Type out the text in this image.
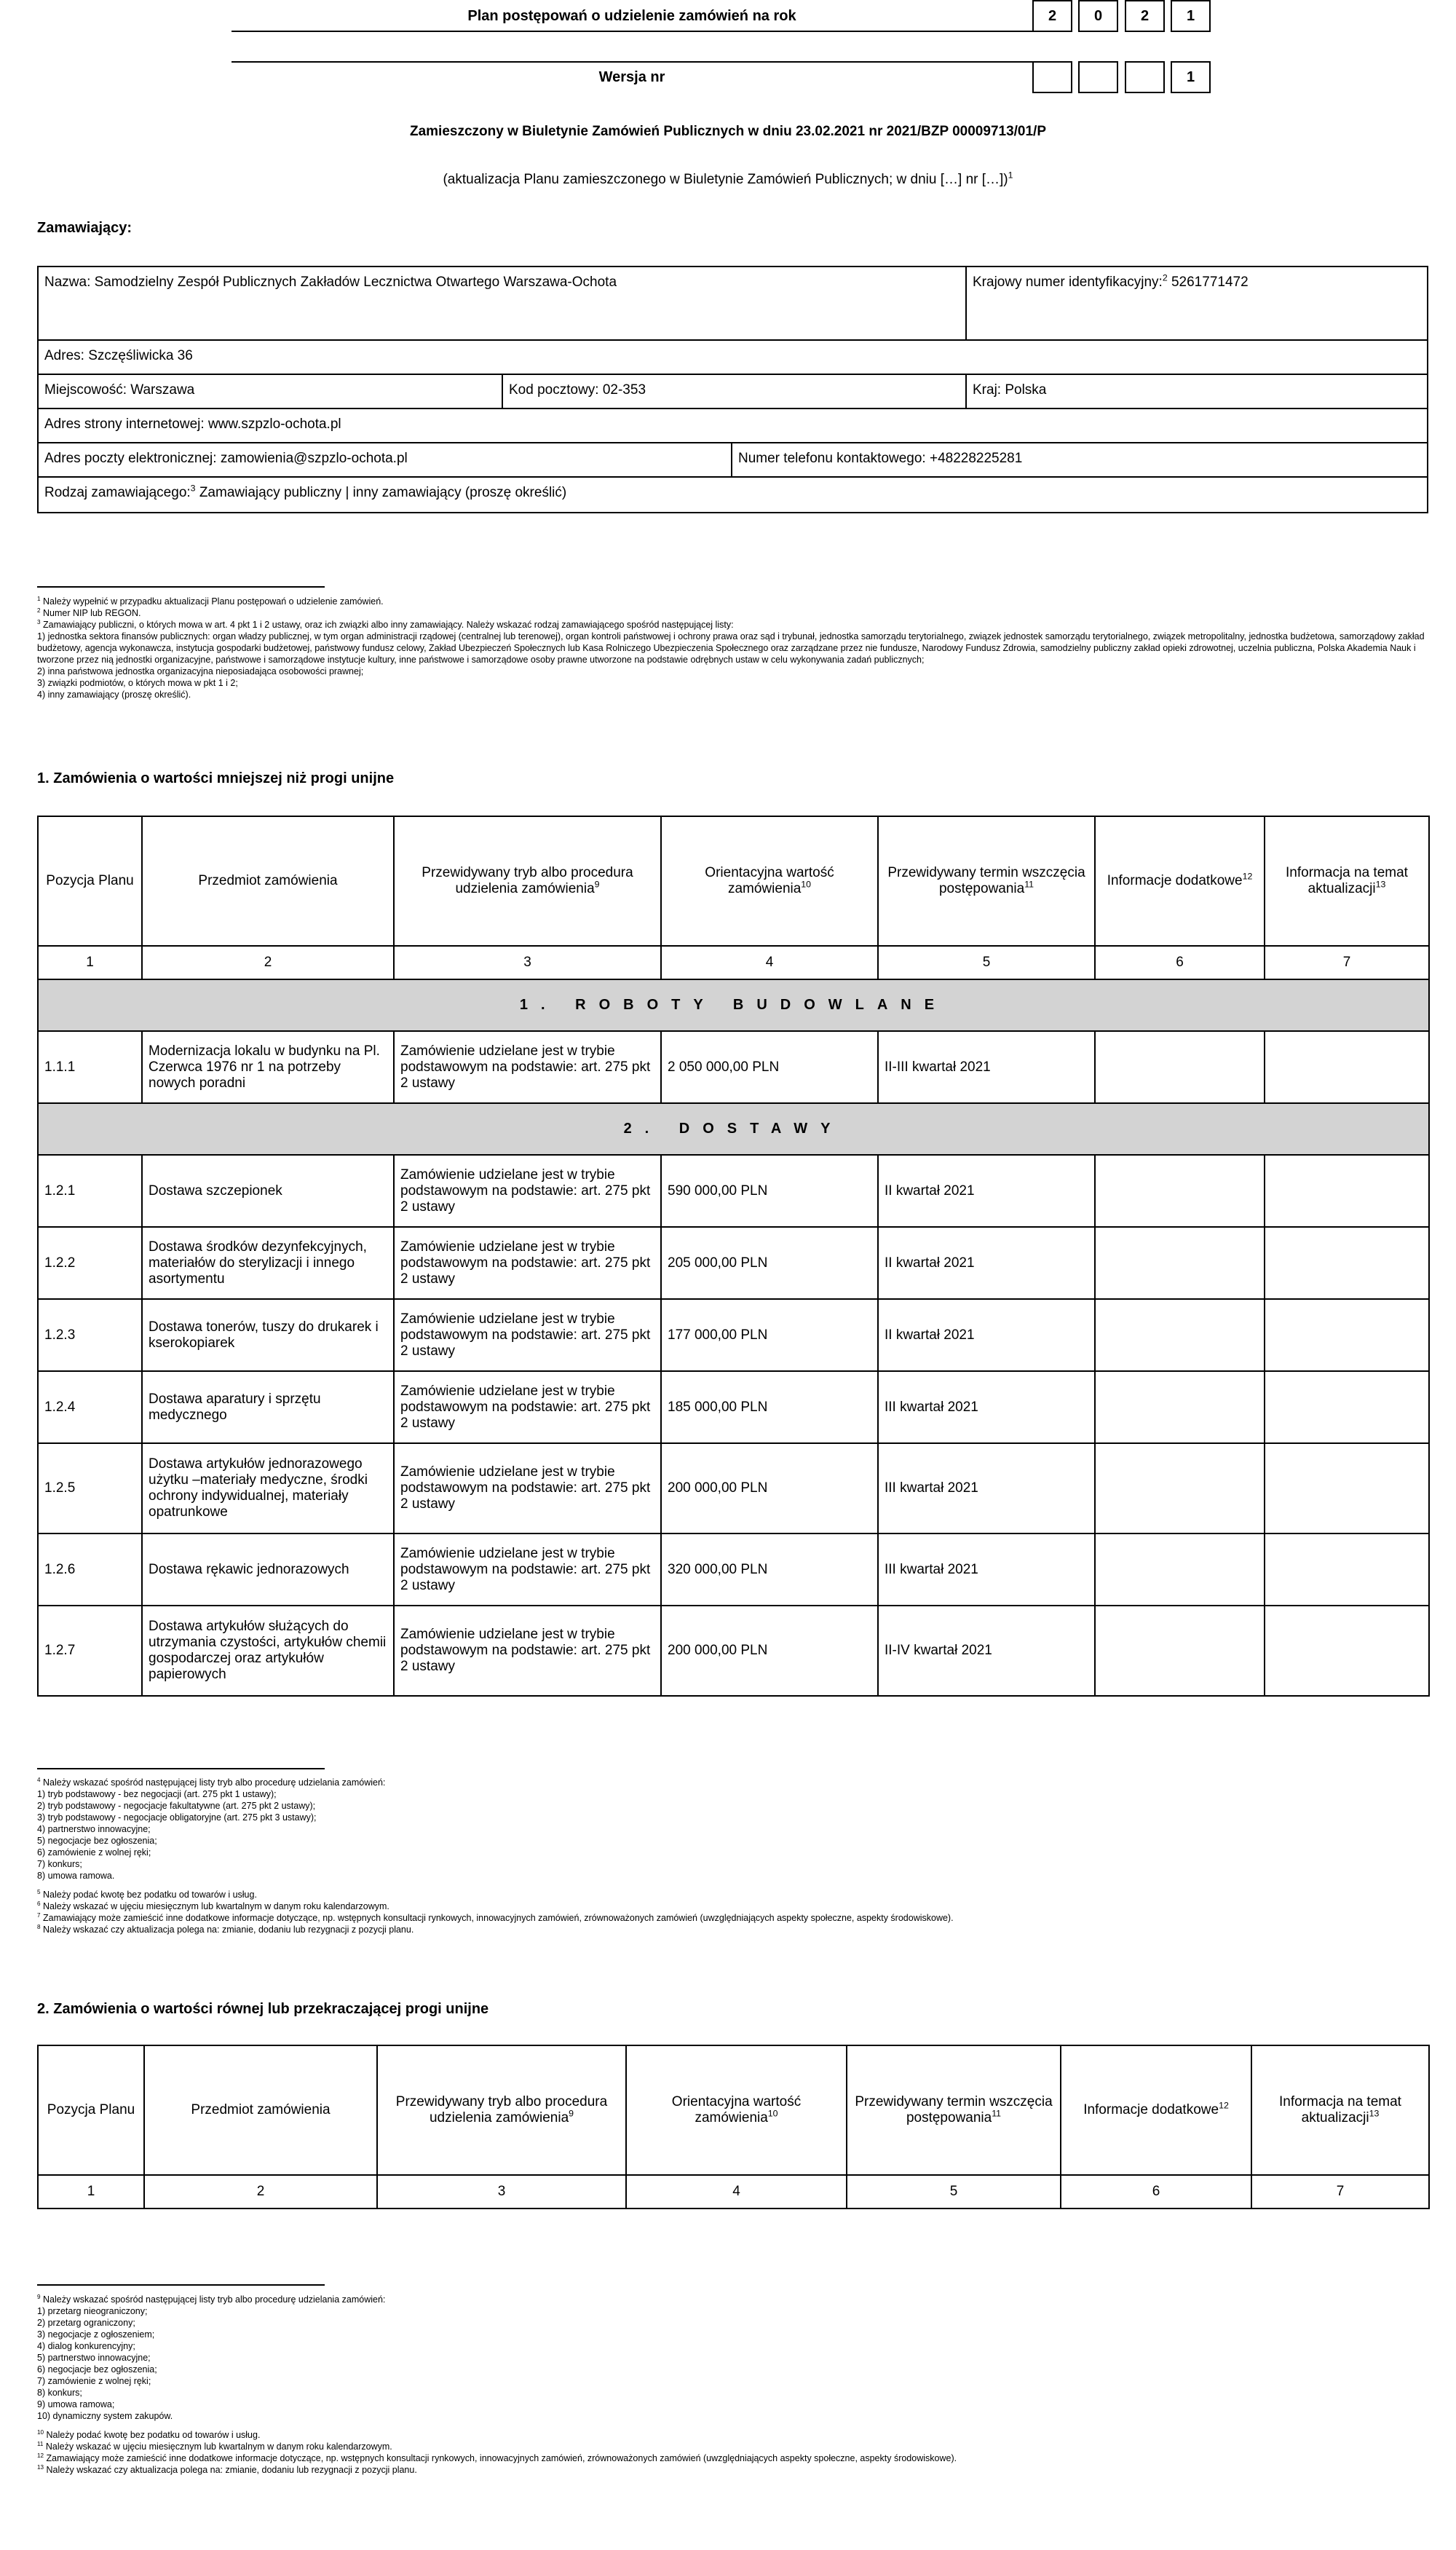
Plan postępowań o udzielenie zamówień na rok	2	0	2	1
Wersja nr	1
Zamieszczony w Biuletynie Zamówień Publicznych w dniu 23.02.2021 nr 2021/BZP 00009713/01/P
(aktualizacja Planu zamieszczonego w Biuletynie Zamówień Publicznych; w dniu […] nr […])$^1$
Zamawiający:
Nazwa: Samodzielny Zespół Publicznych Zakładów Lecznictwa Otwartego Warszawa-Ochota	Krajowy numer identyfikacyjny:$^2$ 5261771472
Adres: Szczęśliwicka 36
Miejscowość: Warszawa	Kod pocztowy: 02-353	Kraj: Polska
Adres strony internetowej: www.szpzlo-ochota.pl
Adres poczty elektronicznej: zamowienia@szpzlo-ochota.pl	Numer telefonu kontaktowego: +48228225281
Rodzaj zamawiającego:$^3$ Zamawiający publiczny | inny zamawiający (proszę określić)
$^1$ Należy wypełnić w przypadku aktualizacji Planu postępowań o udzielenie zamówień.
$^2$ Numer NIP lub REGON.
$^3$ Zamawiający publiczni, o których mowa w art. 4 pkt 1 i 2 ustawy, oraz ich związki albo inny zamawiający. Należy wskazać rodzaj zamawiającego spośród następującej listy:
1) jednostka sektora finansów publicznych: organ władzy publicznej, w tym organ administracji rządowej (centralnej lub terenowej), organ kontroli państwowej i ochrony prawa oraz sąd i trybunał, jednostka samorządu terytorialnego, związek jednostek samorządu terytorialnego, związek metropolitalny, jednostka budżetowa, samorządowy zakład budżetowy, agencja wykonawcza, instytucja gospodarki budżetowej, państwowy fundusz celowy, Zakład Ubezpieczeń Społecznych lub Kasa Rolniczego Ubezpieczenia Społecznego oraz zarządzane przez nie fundusze, Narodowy Fundusz Zdrowia, samodzielny publiczny zakład opieki zdrowotnej, uczelnia publiczna, Polska Akademia Nauk i tworzone przez nią jednostki organizacyjne, państwowe i samorządowe instytucje kultury, inne państwowe i samorządowe osoby prawne utworzone na podstawie odrębnych ustaw w celu wykonywania zadań publicznych;
2) inna państwowa jednostka organizacyjna nieposiadająca osobowości prawnej;
3) związki podmiotów, o których mowa w pkt 1 i 2;
4) inny zamawiający (proszę określić).
1. Zamówienia o wartości mniejszej niż progi unijne
Pozycja Planu	Przedmiot zamówienia	Przewidywany tryb albo procedura udzielenia zamówienia$^9$	Orientacyjna wartość zamówienia$^{10}$	Przewidywany termin wszczęcia postępowania$^{11}$	Informacje dodatkowe$^{12}$	Informacja na temat aktualizacji$^{13}$
1	2	3	4	5	6	7
1. ROBOTY BUDOWLANE						
1.1.1	Modernizacja lokalu w budynku na Pl. Czerwca 1976 nr 1 na potrzeby nowych poradni	Zamówienie udzielane jest w trybie podstawowym na podstawie: art. 275 pkt 2 ustawy	2 050 000,00 PLN	II-III kwartał 2021		
2. DOSTAWY						
1.2.1	Dostawa szczepionek	Zamówienie udzielane jest w trybie podstawowym na podstawie: art. 275 pkt 2 ustawy	590 000,00 PLN	II kwartał 2021		
1.2.2	Dostawa środków dezynfekcyjnych, materiałów do sterylizacji i innego asortymentu	Zamówienie udzielane jest w trybie podstawowym na podstawie: art. 275 pkt 2 ustawy	205 000,00 PLN	II kwartał 2021		
1.2.3	Dostawa tonerów, tuszy do drukarek i kserokopiarek	Zamówienie udzielane jest w trybie podstawowym na podstawie: art. 275 pkt 2 ustawy	177 000,00 PLN	II kwartał 2021		
1.2.4	Dostawa aparatury i sprzętu medycznego	Zamówienie udzielane jest w trybie podstawowym na podstawie: art. 275 pkt 2 ustawy	185 000,00 PLN	III kwartał 2021		
1.2.5	Dostawa artykułów jednorazowego użytku –materiały medyczne, środki ochrony indywidualnej, materiały opatrunkowe	Zamówienie udzielane jest w trybie podstawowym na podstawie: art. 275 pkt 2 ustawy	200 000,00 PLN	III kwartał 2021		
1.2.6	Dostawa rękawic jednorazowych	Zamówienie udzielane jest w trybie podstawowym na podstawie: art. 275 pkt 2 ustawy	320 000,00 PLN	III kwartał 2021		
1.2.7	Dostawa artykułów służących do utrzymania czystości, artykułów chemii gospodarczej oraz artykułów papierowych	Zamówienie udzielane jest w trybie podstawowym na podstawie: art. 275 pkt 2 ustawy	200 000,00 PLN	II-IV kwartał 2021		
$^4$ Należy wskazać spośród następującej listy tryb albo procedurę udzielania zamówień:
1) tryb podstawowy - bez negocjacji (art. 275 pkt 1 ustawy);
2) tryb podstawowy - negocjacje fakultatywne (art. 275 pkt 2 ustawy);
3) tryb podstawowy - negocjacje obligatoryjne (art. 275 pkt 3 ustawy);
4) partnerstwo innowacyjne;
5) negocjacje bez ogłoszenia;
6) zamówienie z wolnej ręki;
7) konkurs;
8) umowa ramowa.
$^5$ Należy podać kwotę bez podatku od towarów i usług.
$^6$ Należy wskazać w ujęciu miesięcznym lub kwartalnym w danym roku kalendarzowym.
$^7$ Zamawiający może zamieścić inne dodatkowe informacje dotyczące, np. wstępnych konsultacji rynkowych, innowacyjnych zamówień, zrównoważonych zamówień (uwzględniających aspekty społeczne, aspekty środowiskowe).
$^8$ Należy wskazać czy aktualizacja polega na: zmianie, dodaniu lub rezygnacji z pozycji planu.
2. Zamówienia o wartości równej lub przekraczającej progi unijne
Pozycja Planu	Przedmiot zamówienia	Przewidywany tryb albo procedura udzielenia zamówienia$^9$	Orientacyjna wartość zamówienia$^{10}$	Przewidywany termin wszczęcia postępowania$^{11}$	Informacje dodatkowe$^{12}$	Informacja na temat aktualizacji$^{13}$
1	2	3	4	5	6	7
$^9$ Należy wskazać spośród następującej listy tryb albo procedurę udzielania zamówień:
1) przetarg nieograniczony;
2) przetarg ograniczony;
3) negocjacje z ogłoszeniem;
4) dialog konkurencyjny;
5) partnerstwo innowacyjne;
6) negocjacje bez ogłoszenia;
7) zamówienie z wolnej ręki;
8) konkurs;
9) umowa ramowa;
10) dynamiczny system zakupów.
$^{10}$ Należy podać kwotę bez podatku od towarów i usług.
$^{11}$ Należy wskazać w ujęciu miesięcznym lub kwartalnym w danym roku kalendarzowym.
$^{12}$ Zamawiający może zamieścić inne dodatkowe informacje dotyczące, np. wstępnych konsultacji rynkowych, innowacyjnych zamówień, zrównoważonych zamówień (uwzględniających aspekty społeczne, aspekty środowiskowe).
$^{13}$ Należy wskazać czy aktualizacja polega na: zmianie, dodaniu lub rezygnacji z pozycji planu.
